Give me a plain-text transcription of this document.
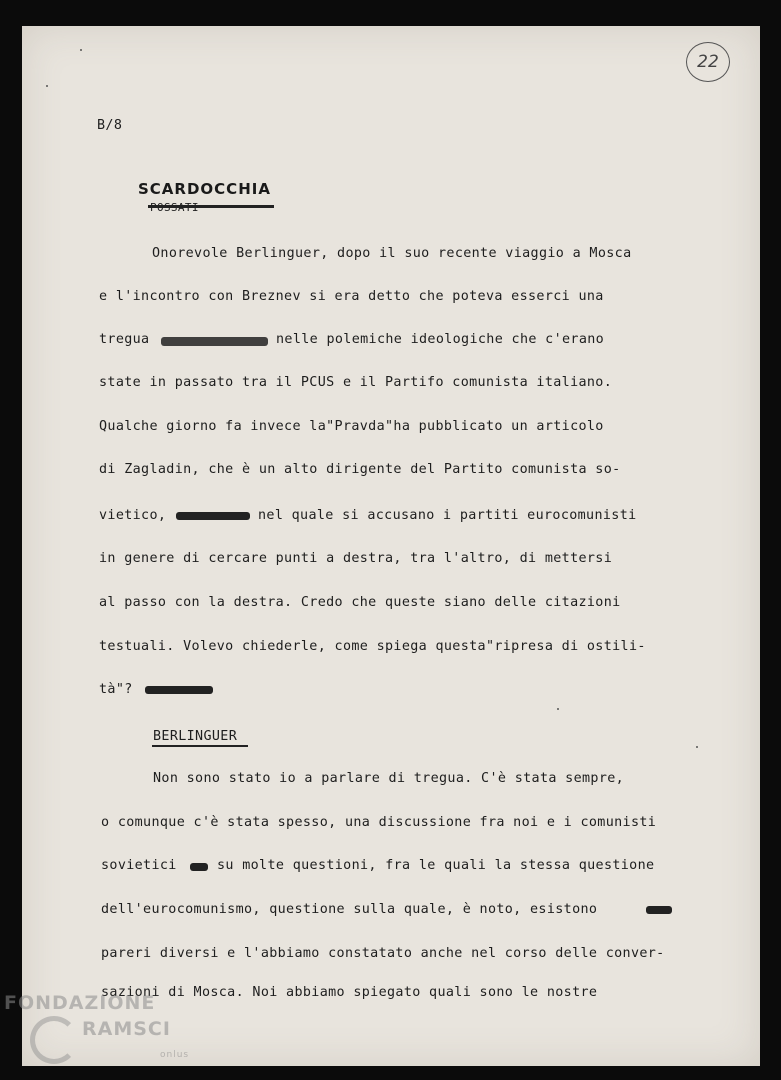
22
B/8
SCARDOCCHIA
Onorevole Berlinguer, dopo il suo recente viaggio a Mosca
e l'incontro con Breznev si era detto che poteva esserci una
tregua	nelle polemiche ideologiche che c'erano
state in passato tra il PCUS e il Partifo comunista italiano.
Qualche giorno fa invece la"Pravda"ha pubblicato un articolo
di Zagladin, che è un alto dirigente del Partito comunista so-
vietico,	nel quale si accusano i partiti eurocomunisti
in genere di cercare punti a destra, tra l'altro, di mettersi
al passo con la destra. Credo che queste siano delle citazioni
testuali. Volevo chiederle, come spiega questa"ripresa di ostili-
tà"?
BERLINGUER
Non sono stato io a parlare di tregua. C'è stata sempre,
o comunque c'è stata spesso, una discussione fra noi e i comunisti
sovietici	su molte questioni, fra le quali la stessa questione
dell'eurocomunismo, questione sulla quale, è noto, esistono
pareri diversi e l'abbiamo constatato anche nel corso delle conver-
sazioni di Mosca. Noi abbiamo spiegato quali sono le nostre
FONDAZIONE
RAMSCI
onlus
